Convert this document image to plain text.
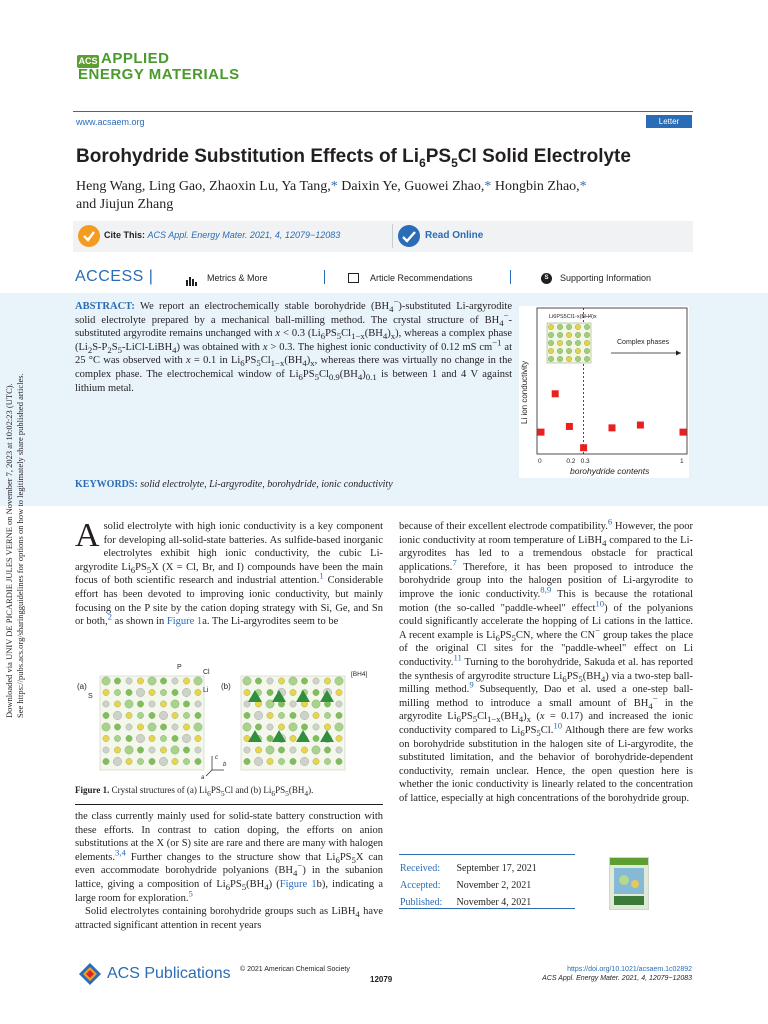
ACS APPLIED
ENERGY MATERIALS
www.acsaem.org	Letter
Borohydride Substitution Effects of $Li_6PS_5Cl$ Solid Electrolyte
Heng Wang, Ling Gao, Zhaoxin Lu, Ya Tang,* Daixin Ye, Guowei Zhao,* Hongbin Zhao,*
and Jiujun Zhang
Cite This: ACS Appl. Energy Mater. 2021, 4, 12079−12083	Read Online
ACCESS |	Metrics & More	Article Recommendations	S	Supporting Information
ABSTRACT: We report an electrochemically stable borohydride $(BH_4^-)$-substituted Li-argyrodite solid electrolyte prepared by a mechanical ball-milling method. The crystal structure of $BH_4^-$-substituted argyrodite remains unchanged with x < 0.3 $(Li_6PS_5Cl_{1-x}(BH_4)_x)$, whereas a complex phase $(Li_2S-P_2S_5-LiCl-LiBH_4)$ was obtained with x > 0.3. The highest ionic conductivity of 0.12 mS $cm^{-1}$ at 25 °C was observed with x = 0.1 in $Li_6PS_5Cl_{1-x}(BH_4)_x$, whereas there was virtually no change in the complex phase. The electrochemical window of $Li_6PS_5Cl_{0.9}(BH_4)_{0.1}$ is between 1 and 4 V against lithium metal.
Li6PS5Cl1-x(BH4)x
Complex phases
0	0.2 0.3	1
Li ion conductivity
borohydride contents
KEYWORDS: solid electrolyte, Li-argyrodite, borohydride, ionic conductivity
Downloaded via UNIV DE PICARDIE JULES VERNE on November 7, 2023 at 10:02:23 (UTC). See https://pubs.acs.org/sharingguidelines for options on how to legitimately share published articles. Asolid electrolyte with high ionic conductivity is a key component for developing all-solid-state batteries. As sulfide-based inorganic electrolytes exhibit high ionic conductivity, the cubic Li-argyrodite $Li_6PS_5X$ (X = Cl, Br, and I) compounds have been the main focus of both scientific research and industrial attention.$^1$ Considerable effort has been devoted to improving ionic conductivity, but mainly focusing on the P site by the cation doping strategy with Si, Ge, and Sn or both,$^2$ as shown in Figure 1a. The Li-argyrodites seem to be

(a)	(b)
P
Cl
Li
S
[BH4]
c
a
b
Figure 1. Crystal structures of (a) $Li_6PS_5Cl$ and (b) $Li_6PS_5(BH_4)$.

the class currently mainly used for solid-state battery construction with these efforts. In contrast to cation doping, the efforts on anion substitutions at the X (or S) site are rare and there are many with halogen elements.$^{3,4}$ Further changes to the structure show that $Li_6PS_5X$ can even accommodate borohydride polyanions $(BH_4^-)$ in the subanion lattice, giving a composition of $Li_6PS_5(BH_4)$ (Figure 1b), indicating a large room for exploration.$^5$

Solid electrolytes containing borohydride groups such as LiBH$_4$ have attracted significant attention in recent years

because of their excellent electrode compatibility.$^6$ However, the poor ionic conductivity at room temperature of LiBH$_4$ compared to the Li-argyrodites has led to a tremendous obstacle for practical applications.$^7$ Therefore, it has been proposed to introduce the borohydride group into the halogen position of Li-argyrodite to improve the ionic conductivity.$^{8,9}$ This is because the rotational motion (the so-called "paddle-wheel" effect$^{10}$) of the polyanions could significantly accelerate the hopping of Li cations in the lattice. A recent example is $Li_6PS_5CN$, where the CN− group takes the place of the original Cl sites for the "paddle-wheel" effect on Li conductivity.$^{11}$ Turning to the borohydride, Sakuda et al. has reported the synthesis of argyrodite structure $Li_6PS_5(BH_4)$ via a two-step ball-milling method.$^9$ Subsequently, Dao et al. used a one-step ball-milling method to introduce a small amount of $BH_4^-$ in the argyrodite $Li_6PS_5Cl_{1-x}(BH_4)_x$ (x = 0.17) and increased the ionic conductivity compared to $Li_6PS_5Cl.^{10}$ Although there are few works on borohydride substitution in the halogen site of Li-argyrodite, the substituted limitation, and the behavior of borohydride-dependent conductivity, remain unclear. Hence, the open question here is whether the ionic conductivity is linearly related to the concentration of lattice, especially at high concentrations of the borohydride group.

Received: September 17, 2021
Accepted: November 2, 2021
Published: November 4, 2021
ACS Publications © 2021 American Chemical Society
12079
https://doi.org/10.1021/acsaem.1c02892
ACS Appl. Energy Mater. 2021, 4, 12079−12083
